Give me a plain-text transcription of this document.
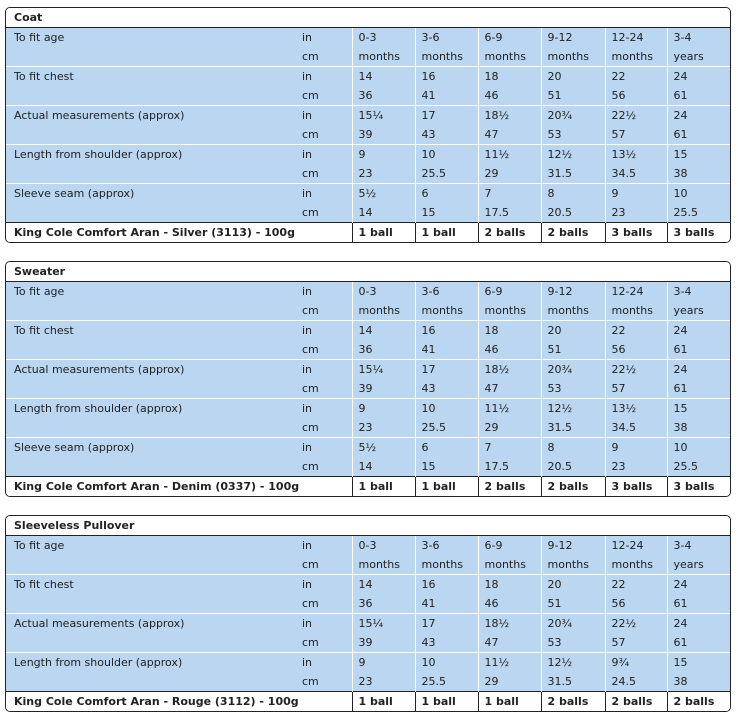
Coat
To fit age	in	0-3	3-6	6-9	9-12	12-24	3-4
	cm	months	months	months	months	months	years
To fit chest	in	14	16	18	20	22	24
	cm	36	41	46	51	56	61
Actual measurements (approx)	in	15¼	17	18½	20¾	22½	24
	cm	39	43	47	53	57	61
Length from shoulder (approx)	in	9	10	11½	12½	13½	15
	cm	23	25.5	29	31.5	34.5	38
Sleeve seam (approx)	in	5½	6	7	8	9	10
	cm	14	15	17.5	20.5	23	25.5
King Cole Comfort Aran - Silver (3113) - 100g		1 ball	1 ball	2 balls	2 balls	3 balls	3 balls
Sweater
To fit age	in	0-3	3-6	6-9	9-12	12-24	3-4
	cm	months	months	months	months	months	years
To fit chest	in	14	16	18	20	22	24
	cm	36	41	46	51	56	61
Actual measurements (approx)	in	15¼	17	18½	20¾	22½	24
	cm	39	43	47	53	57	61
Length from shoulder (approx)	in	9	10	11½	12½	13½	15
	cm	23	25.5	29	31.5	34.5	38
Sleeve seam (approx)	in	5½	6	7	8	9	10
	cm	14	15	17.5	20.5	23	25.5
King Cole Comfort Aran - Denim (0337) - 100g		1 ball	1 ball	2 balls	2 balls	3 balls	3 balls
Sleeveless Pullover
To fit age	in	0-3	3-6	6-9	9-12	12-24	3-4
	cm	months	months	months	months	months	years
To fit chest	in	14	16	18	20	22	24
	cm	36	41	46	51	56	61
Actual measurements (approx)	in	15¼	17	18½	20¾	22½	24
	cm	39	43	47	53	57	61
Length from shoulder (approx)	in	9	10	11½	12½	9¾	15
	cm	23	25.5	29	31.5	24.5	38
King Cole Comfort Aran - Rouge (3112) - 100g		1 ball	1 ball	1 ball	2 balls	2 balls	2 balls
